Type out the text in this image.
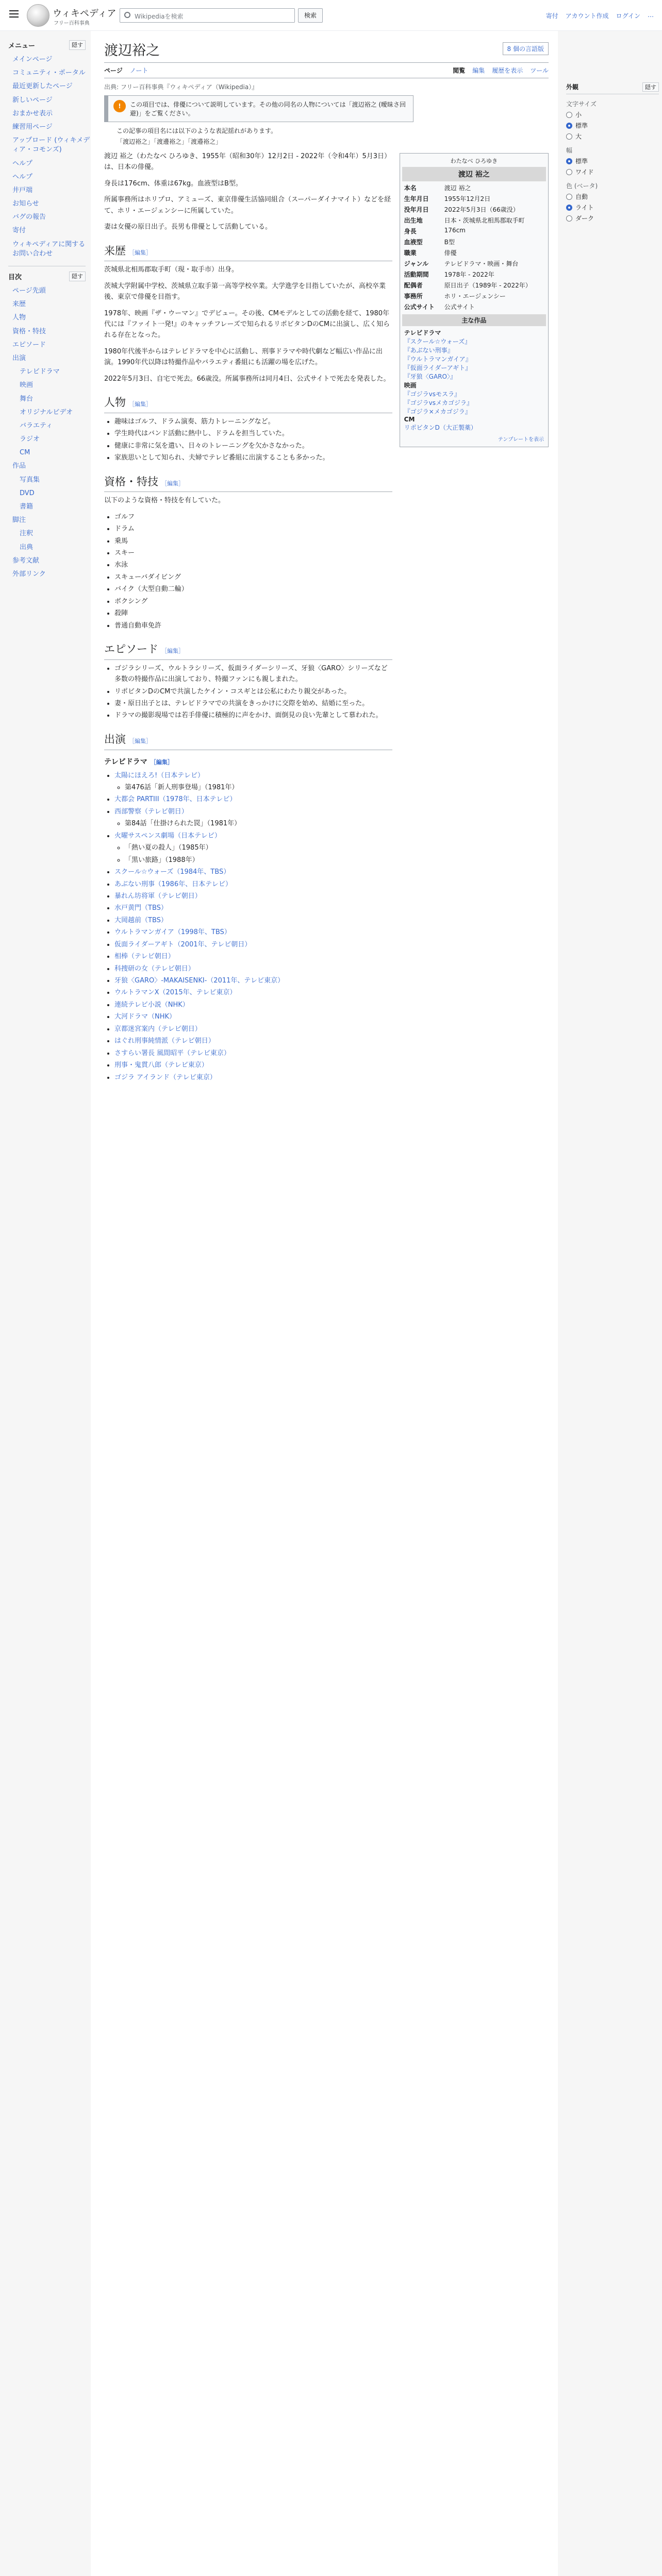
ウィキペディア
フリー百科事典
Wikipediaを検索	検索	寄付 アカウント作成 ログイン …
メニュー	隠す
メインページ
コミュニティ・ポータル
最近更新したページ
新しいページ
おまかせ表示
練習用ページ
アップロード (ウィキメディア・コモンズ)
ヘルプ
ヘルプ
井戸端
お知らせ
バグの報告
寄付
ウィキペディアに関するお問い合わせ
目次	隠す
ページ先頭
来歴
人物
資格・特技
エピソード
出演
テレビドラマ
映画
舞台
オリジナルビデオ
バラエティ
ラジオ
CM
作品
写真集
DVD
書籍
脚注
注釈
出典
参考文献
外部リンク
渡辺裕之	8 個の言語版
ページ ノート	閲覧 編集 履歴を表示 ツール
出典: フリー百科事典『ウィキペディア（Wikipedia）』
!	この項目では、俳優について説明しています。その他の同名の人物については「渡辺裕之 (曖昧さ回避)」をご覧ください。
この記事の項目名には以下のような表記揺れがあります。
「渡辺裕之」「渡邊裕之」「渡邉裕之」

渡辺 裕之（わたなべ ひろゆき、1955年（昭和30年）12月2日 - 2022年（令和4年）5月3日）は、日本の俳優。

身長は176cm、体重は67kg。血液型はB型。

所属事務所はホリプロ、アミューズ、東京俳優生活協同組合（スーパーダイナマイト）などを経て、ホリ・エージェンシーに所属していた。

妻は女優の原日出子。長男も俳優として活動している。

来歴 ［編集］

茨城県北相馬郡取手町（現・取手市）出身。

茨城大学附属中学校、茨城県立取手第一高等学校卒業。大学進学を目指していたが、高校卒業後、東京で俳優を目指す。

1978年、映画『ザ・ウーマン』でデビュー。その後、CMモデルとしての活動を経て、1980年代には『ファイト一発!』のキャッチフレーズで知られるリポビタンDのCMに出演し、広く知られる存在となった。

1980年代後半からはテレビドラマを中心に活動し、刑事ドラマや時代劇など幅広い作品に出演。1990年代以降は特撮作品やバラエティ番組にも活躍の場を広げた。

2022年5月3日、自宅で死去。66歳没。所属事務所は同月4日、公式サイトで死去を発表した。

人物 ［編集］
• 趣味はゴルフ、ドラム演奏、筋力トレーニングなど。
• 学生時代はバンド活動に熱中し、ドラムを担当していた。
• 健康に非常に気を遣い、日々のトレーニングを欠かさなかった。
• 家族思いとして知られ、夫婦でテレビ番組に出演することも多かった。
資格・特技 ［編集］

以下のような資格・特技を有していた。

• ゴルフ
• ドラム
• 乗馬
• スキー
• 水泳
• スキューバダイビング
• バイク（大型自動二輪）
• ボクシング
• 殺陣
• 普通自動車免許
エピソード ［編集］
• ゴジラシリーズ、ウルトラシリーズ、仮面ライダーシリーズ、牙狼〈GARO〉シリーズなど多数の特撮作品に出演しており、特撮ファンにも親しまれた。
• リポビタンDのCMで共演したケイン・コスギとは公私にわたり親交があった。
• 妻・原日出子とは、テレビドラマでの共演をきっかけに交際を始め、結婚に至った。
• ドラマの撮影現場では若手俳優に積極的に声をかけ、面倒見の良い先輩として慕われた。
出演 ［編集］
テレビドラマ ［編集］
• 太陽にほえろ!（日本テレビ）
◦ 第476話「新人刑事登場」（1981年）
• 大都会 PARTIII（1978年、日本テレビ）
• 西部警察（テレビ朝日）
◦ 第84話「仕掛けられた罠」（1981年）
• 火曜サスペンス劇場（日本テレビ）
◦ 「熱い夏の殺人」（1985年）
◦ 「黒い旅路」（1988年）
• スクール☆ウォーズ（1984年、TBS）
• あぶない刑事（1986年、日本テレビ）
• 暴れん坊将軍（テレビ朝日）
• 水戸黄門（TBS）
• 大岡越前（TBS）
• ウルトラマンガイア（1998年、TBS）
• 仮面ライダーアギト（2001年、テレビ朝日）
• 相棒（テレビ朝日）
• 科捜研の女（テレビ朝日）
• 牙狼〈GARO〉-MAKAISENKI-（2011年、テレビ東京）
• ウルトラマンX（2015年、テレビ東京）
• 連続テレビ小説（NHK）
• 大河ドラマ（NHK）
• 京都迷宮案内（テレビ朝日）
• はぐれ刑事純情派（テレビ朝日）
• さすらい署長 風間昭平（テレビ東京）
• 刑事・鬼貫八郎（テレビ東京）
• ゴジラ アイランド（テレビ東京）
わたなべ ひろゆき
渡辺 裕之
本名	渡辺 裕之
生年月日	1955年12月2日
没年月日	2022年5月3日（66歳没）
出生地	日本・茨城県北相馬郡取手町
身長	176cm
血液型	B型
職業	俳優
ジャンル	テレビドラマ・映画・舞台
活動期間	1978年 - 2022年
配偶者	原日出子（1989年 - 2022年）
事務所	ホリ・エージェンシー
公式サイト	公式サイト
主な作品
テレビドラマ
『スクール☆ウォーズ』
『あぶない刑事』
『ウルトラマンガイア』
『仮面ライダーアギト』
『牙狼〈GARO〉』
映画
『ゴジラvsモスラ』
『ゴジラvsメカゴジラ』
『ゴジラ×メカゴジラ』
CM
リポビタンD（大正製薬）
テンプレートを表示
外観	隠す
文字サイズ
小
標準
大
幅
標準
ワイド
色 (ベータ)
自動
ライト
ダーク
